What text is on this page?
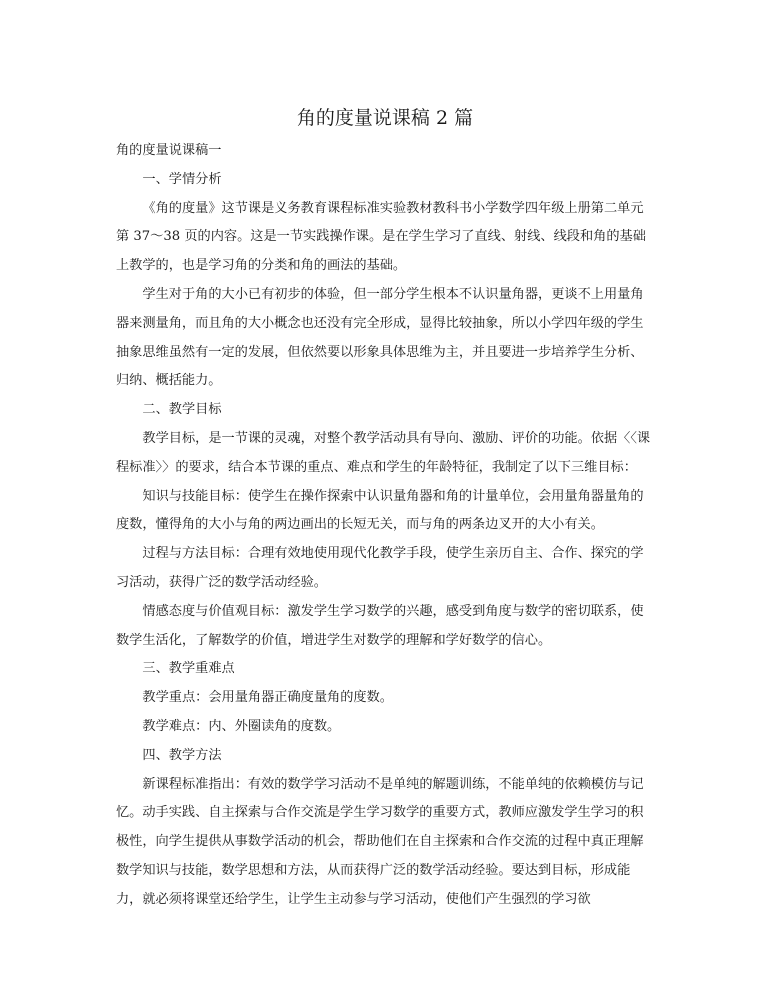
角的度量说课稿 2 篇

角的度量说课稿一

一、学情分析

《角的度量》这节课是义务教育课程标准实验教材教科书小学数学四年级上册第二单元第 37～38 页的内容。这是一节实践操作课。是在学生学习了直线、射线、线段和角的基础上教学的，也是学习角的分类和角的画法的基础。

学生对于角的大小已有初步的体验，但一部分学生根本不认识量角器，更谈不上用量角器来测量角，而且角的大小概念也还没有完全形成，显得比较抽象，所以小学四年级的学生抽象思维虽然有一定的发展，但依然要以形象具体思维为主，并且要进一步培养学生分析、归纳、概括能力。

二、教学目标

教学目标，是一节课的灵魂，对整个教学活动具有导向、激励、评价的功能。依据〈〈课程标准〉〉的要求，结合本节课的重点、难点和学生的年龄特征，我制定了以下三维目标：

知识与技能目标：使学生在操作探索中认识量角器和角的计量单位，会用量角器量角的度数，懂得角的大小与角的两边画出的长短无关，而与角的两条边叉开的大小有关。

过程与方法目标：合理有效地使用现代化教学手段，使学生亲历自主、合作、探究的学习活动，获得广泛的数学活动经验。

情感态度与价值观目标：激发学生学习数学的兴趣，感受到角度与数学的密切联系，使数学生活化，了解数学的价值，增进学生对数学的理解和学好数学的信心。

三、教学重难点

教学重点：会用量角器正确度量角的度数。

教学难点：内、外圈读角的度数。

四、教学方法

新课程标准指出：有效的数学学习活动不是单纯的解题训练，不能单纯的依赖模仿与记忆。动手实践、自主探索与合作交流是学生学习数学的重要方式，教师应激发学生学习的积极性，向学生提供从事数学活动的机会，帮助他们在自主探索和合作交流的过程中真正理解数学知识与技能，数学思想和方法，从而获得广泛的数学活动经验。要达到目标，形成能力，就必须将课堂还给学生，让学生主动参与学习活动，使他们产生强烈的学习欲
